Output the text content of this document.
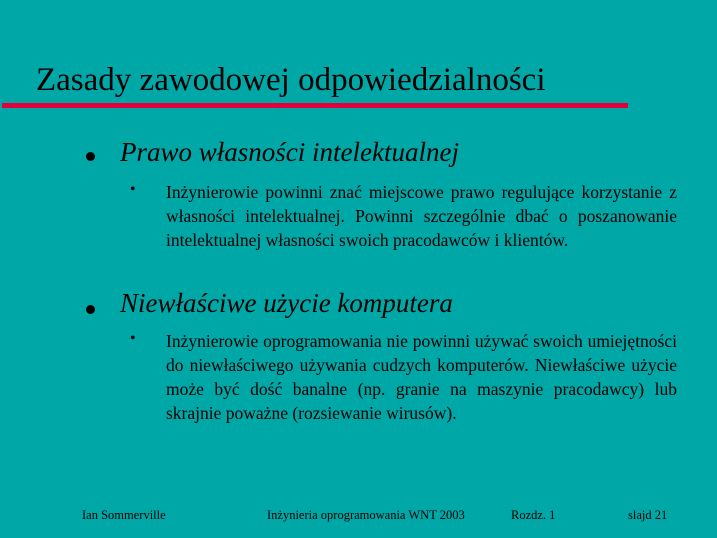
Zasady zawodowej odpowiedzialności
Prawo własności intelektualnej
• Inżynierowie powinni znać miejscowe prawo regulujące korzystanie z własności intelektualnej. Powinni szczególnie dbać o poszanowanie intelektualnej własności swoich pracodawców i klientów.
Niewłaściwe użycie komputera
• Inżynierowie oprogramowania nie powinni używać swoich umiejętności do niewłaściwego używania cudzych komputerów. Niewłaściwe użycie może być dość banalne (np. granie na maszynie pracodawcy) lub skrajnie poważne (rozsiewanie wirusów).
Ian Sommerville	Inżynieria oprogramowania WNT 2003	Rozdz. 1	slajd 21
